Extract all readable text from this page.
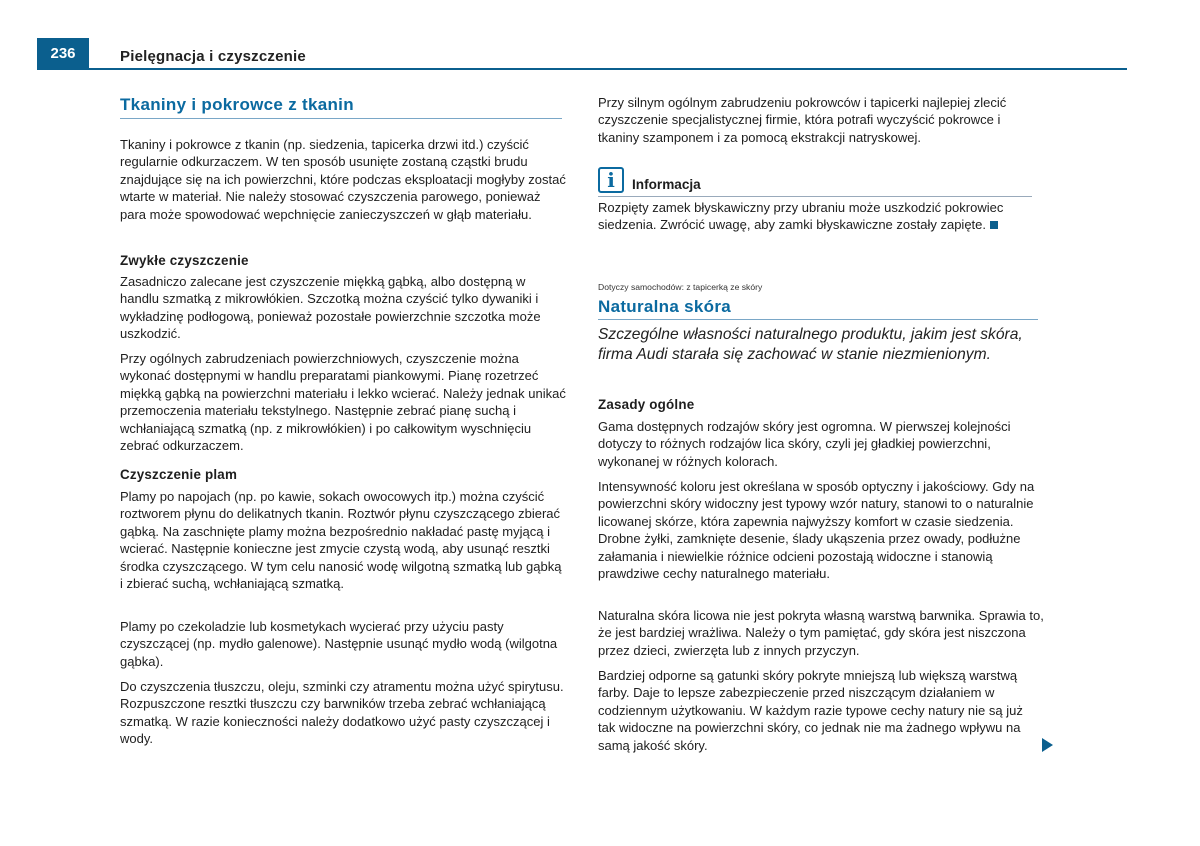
236	Pielęgnacja i czyszczenie
Tkaniny i pokrowce z tkanin

Tkaniny i pokrowce z tkanin (np. siedzenia, tapicerka drzwi itd.) czyścić regularnie odkurzaczem. W ten sposób usunięte zostaną cząstki brudu znajdujące się na ich powierzchni, które podczas eksploatacji mogłyby zostać wtarte w materiał. Nie należy stosować czyszczenia parowego, ponieważ para może spowodować wepchnięcie zanieczyszczeń w głąb materiału.

Zwykłe czyszczenie

Zasadniczo zalecane jest czyszczenie miękką gąbką, albo dostępną w handlu szmatką z mikrowłókien. Szczotką można czyścić tylko dywaniki i wykładzinę podłogową, ponieważ pozostałe powierzchnie szczotka może uszkodzić.

Przy ogólnych zabrudzeniach powierzchniowych, czyszczenie można wykonać dostępnymi w handlu preparatami piankowymi. Pianę rozetrzeć miękką gąbką na powierzchni materiału i lekko wcierać. Należy jednak unikać przemoczenia materiału tekstylnego. Następnie zebrać pianę suchą i wchłaniającą szmatką (np. z mikrowłókien) i po całkowitym wyschnięciu zebrać odkurzaczem.

Czyszczenie plam

Plamy po napojach (np. po kawie, sokach owocowych itp.) można czyścić roztworem płynu do delikatnych tkanin. Roztwór płynu czyszczącego zbierać gąbką. Na zaschnięte plamy można bezpośrednio nakładać pastę myjącą i wcierać. Następnie konieczne jest zmycie czystą wodą, aby usunąć resztki środka czyszczącego. W tym celu nanosić wodę wilgotną szmatką lub gąbką i zbierać suchą, wchłaniającą szmatką.

Plamy po czekoladzie lub kosmetykach wycierać przy użyciu pasty czyszczącej (np. mydło galenowe). Następnie usunąć mydło wodą (wilgotna gąbka).

Do czyszczenia tłuszczu, oleju, szminki czy atramentu można użyć spirytusu. Rozpuszczone resztki tłuszczu czy barwników trzeba zebrać wchłaniającą szmatką. W razie konieczności należy dodatkowo użyć pasty czyszczącej i wody.

Przy silnym ogólnym zabrudzeniu pokrowców i tapicerki najlepiej zlecić czyszczenie specjalistycznej firmie, która potrafi wyczyścić pokrowce i tkaniny szamponem i za pomocą ekstrakcji natryskowej.

i	Informacja

Rozpięty zamek błyskawiczny przy ubraniu może uszkodzić pokrowiec siedzenia. Zwrócić uwagę, aby zamki błyskawiczne zostały zapięte.

Dotyczy samochodów: z tapicerką ze skóry
Naturalna skóra
Szczególne własności naturalnego produktu, jakim jest skóra, firma Audi starała się zachować w stanie niezmienionym.
Zasady ogólne

Gama dostępnych rodzajów skóry jest ogromna. W pierwszej kolejności dotyczy to różnych rodzajów lica skóry, czyli jej gładkiej powierzchni, wykonanej w różnych kolorach.

Intensywność koloru jest określana w sposób optyczny i jakościowy. Gdy na powierzchni skóry widoczny jest typowy wzór natury, stanowi to o naturalnie licowanej skórze, która zapewnia najwyższy komfort w czasie siedzenia. Drobne żyłki, zamknięte desenie, ślady ukąszenia przez owady, podłużne załamania i niewielkie różnice odcieni pozostają widoczne i stanowią prawdziwe cechy naturalnego materiału.

Naturalna skóra licowa nie jest pokryta własną warstwą barwnika. Sprawia to, że jest bardziej wrażliwa. Należy o tym pamiętać, gdy skóra jest niszczona przez dzieci, zwierzęta lub z innych przyczyn.

Bardziej odporne są gatunki skóry pokryte mniejszą lub większą warstwą farby. Daje to lepsze zabezpieczenie przed niszczącym działaniem w codziennym użytkowaniu. W każdym razie typowe cechy natury nie są już tak widoczne na powierzchni skóry, co jednak nie ma żadnego wpływu na samą jakość skóry.
